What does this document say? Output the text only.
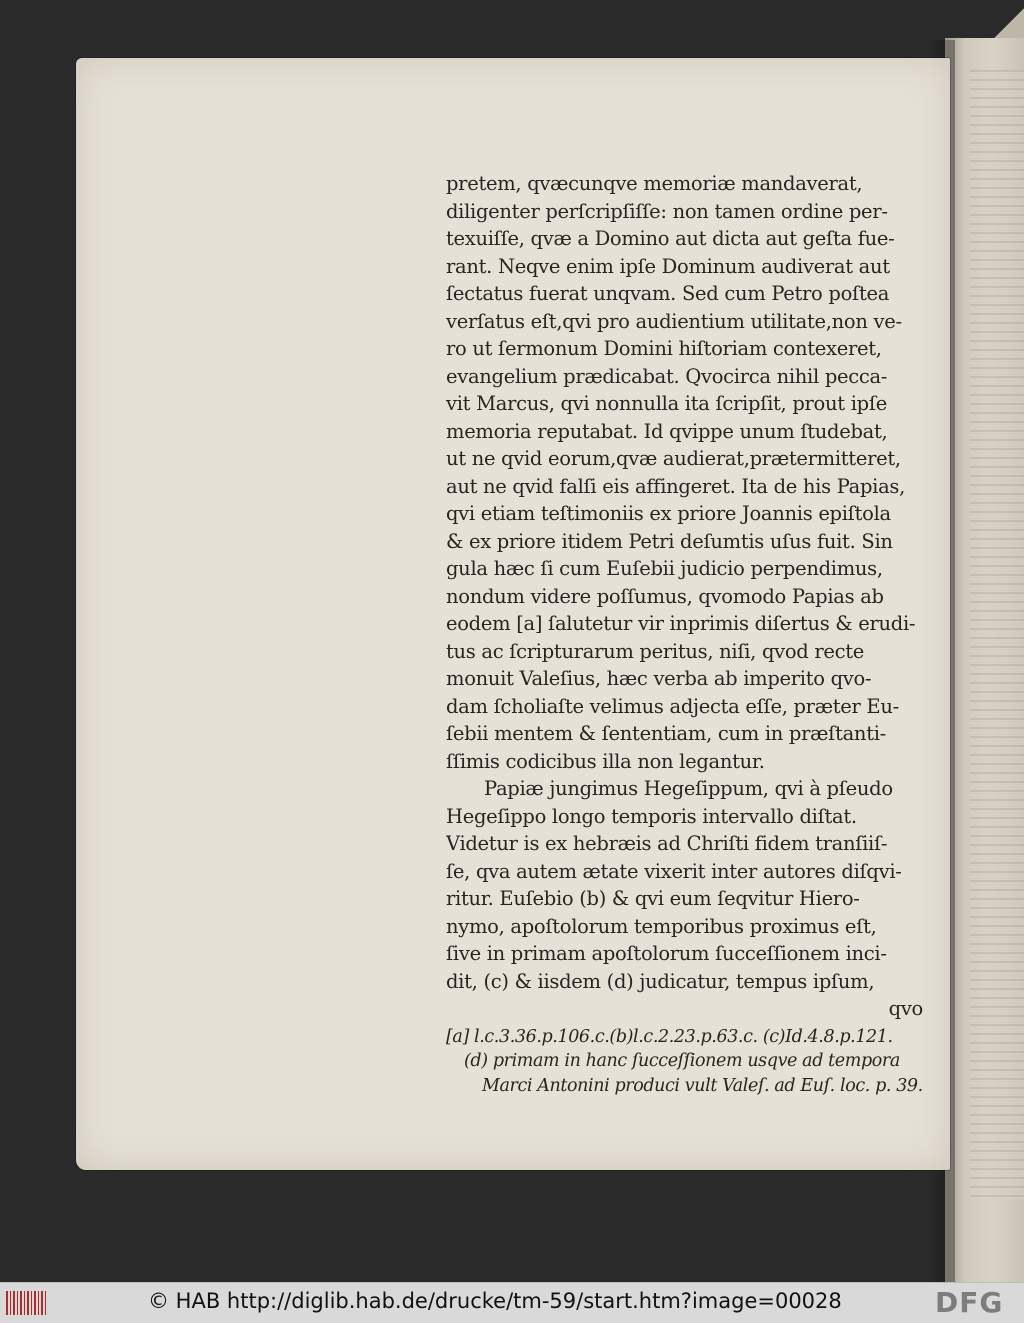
pretem, qvæcunqve memoriæ mandaverat,
diligenter perſcripſiſſe: non tamen ordine per-
texuiſſe, qvæ a Domino aut dicta aut geſta fue-
rant. Neqve enim ipſe Dominum audiverat aut
ſectatus fuerat unqvam. Sed cum Petro poſtea
verſatus eſt,qvi pro audientium utilitate,non ve-
ro ut ſermonum Domini hiſtoriam contexeret,
evangelium prædicabat. Qvocirca nihil pecca-
vit Marcus, qvi nonnulla ita ſcripſit, prout ipſe
memoria reputabat. Id qvippe unum ſtudebat,
ut ne qvid eorum,qvæ audierat,prætermitteret,
aut ne qvid falſi eis affingeret. Ita de his Papias,
qvi etiam teſtimoniis ex priore Joannis epiſtola
& ex priore itidem Petri deſumtis uſus fuit. Sin
gula hæc ſi cum Euſebii judicio perpendimus,
nondum videre poſſumus, qvomodo Papias ab
eodem [a] ſalutetur vir inprimis diſertus & erudi-
tus ac ſcripturarum peritus, niſi, qvod recte
monuit Valeſius, hæc verba ab imperito qvo-
dam ſcholiaſte velimus adjecta eſſe, præter Eu-
ſebii mentem & ſententiam, cum in præſtanti-
ſſimis codicibus illa non legantur.
Papiæ jungimus Hegeſippum, qvi à pſeudo
Hegeſippo longo temporis intervallo diſtat.
Videtur is ex hebræis ad Chriſti fidem tranſiiſ-
ſe, qva autem ætate vixerit inter autores diſqvi-
ritur. Euſebio (b) & qvi eum ſeqvitur Hiero-
nymo, apoſtolorum temporibus proximus eſt,
ſive in primam apoſtolorum ſucceſſionem inci-
dit, (c) & iisdem (d) judicatur, tempus ipſum,
qvo
[a] l.c.3.36.p.106.c.(b)l.c.2.23.p.63.c. (c)Id.4.8.p.121.
(d) primam in hanc ſucceſſionem usqve ad tempora
Marci Antonini produci vult Valeſ. ad Euſ. loc. p. 39.
© HAB http://diglib.hab.de/drucke/tm-59/start.htm?image=00028	DFG
